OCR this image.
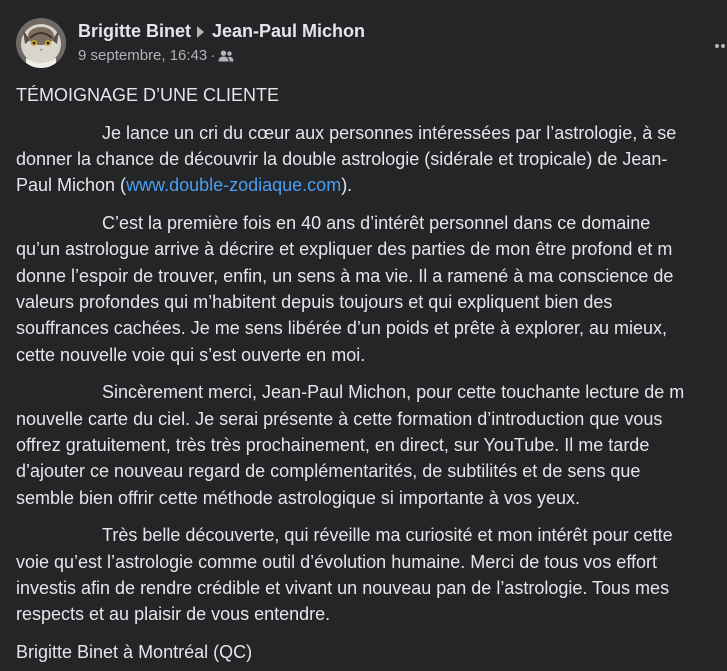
Brigitte Binet Jean-Paul Michon
9 septembre, 16:43 ·
TÉMOIGNAGE D’UNE CLIENTE
Je lance un cri du cœur aux personnes intéressées par l’astrologie, à se
donner la chance de découvrir la double astrologie (sidérale et tropicale) de Jean-
Paul Michon (www.double-zodiaque.com).
C’est la première fois en 40 ans d’intérêt personnel dans ce domaine
qu’un astrologue arrive à décrire et expliquer des parties de mon être profond et m
donne l’espoir de trouver, enfin, un sens à ma vie. Il a ramené à ma conscience de
valeurs profondes qui m’habitent depuis toujours et qui expliquent bien des
souffrances cachées. Je me sens libérée d’un poids et prête à explorer, au mieux,
cette nouvelle voie qui s’est ouverte en moi.
Sincèrement merci, Jean-Paul Michon, pour cette touchante lecture de m
nouvelle carte du ciel. Je serai présente à cette formation d’introduction que vous
offrez gratuitement, très très prochainement, en direct, sur YouTube. Il me tarde
d’ajouter ce nouveau regard de complémentarités, de subtilités et de sens que
semble bien offrir cette méthode astrologique si importante à vos yeux.
Très belle découverte, qui réveille ma curiosité et mon intérêt pour cette
voie qu’est l’astrologie comme outil d’évolution humaine. Merci de tous vos effort
investis afin de rendre crédible et vivant un nouveau pan de l’astrologie. Tous mes
respects et au plaisir de vous entendre.
Brigitte Binet à Montréal (QC)
